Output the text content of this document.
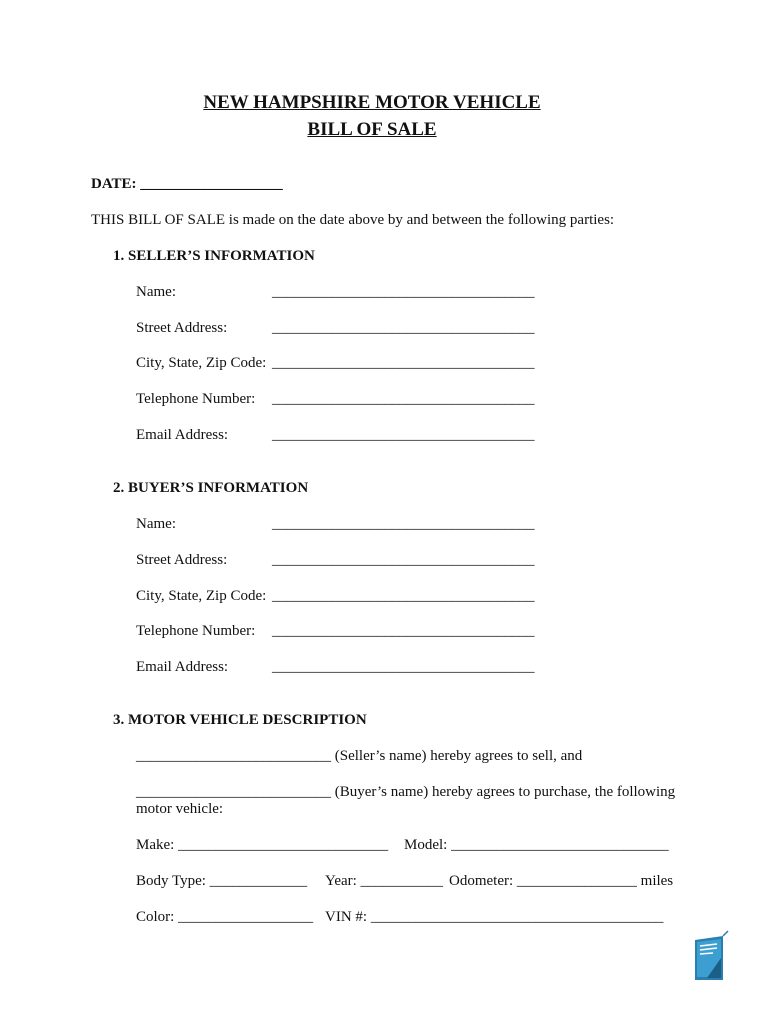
NEW HAMPSHIRE MOTOR VEHICLE
BILL OF SALE
DATE: ___________________
THIS BILL OF SALE is made on the date above by and between the following parties:
1. SELLER’S INFORMATION
Name:	___________________________________
Street Address:	___________________________________
City, State, Zip Code: ___________________________________
Telephone Number: ___________________________________
Email Address:	___________________________________
2. BUYER’S INFORMATION
Name:	___________________________________
Street Address:	___________________________________
City, State, Zip Code: ___________________________________
Telephone Number: ___________________________________
Email Address:	___________________________________
3. MOTOR VEHICLE DESCRIPTION
__________________________ (Seller’s name) hereby agrees to sell, and
__________________________ (Buyer’s name) hereby agrees to purchase, the following
motor vehicle:
Make: ____________________________ Model: _____________________________
Body Type: _____________ Year: ___________ Odometer: ________________ miles
Color: __________________ VIN #: _______________________________________
